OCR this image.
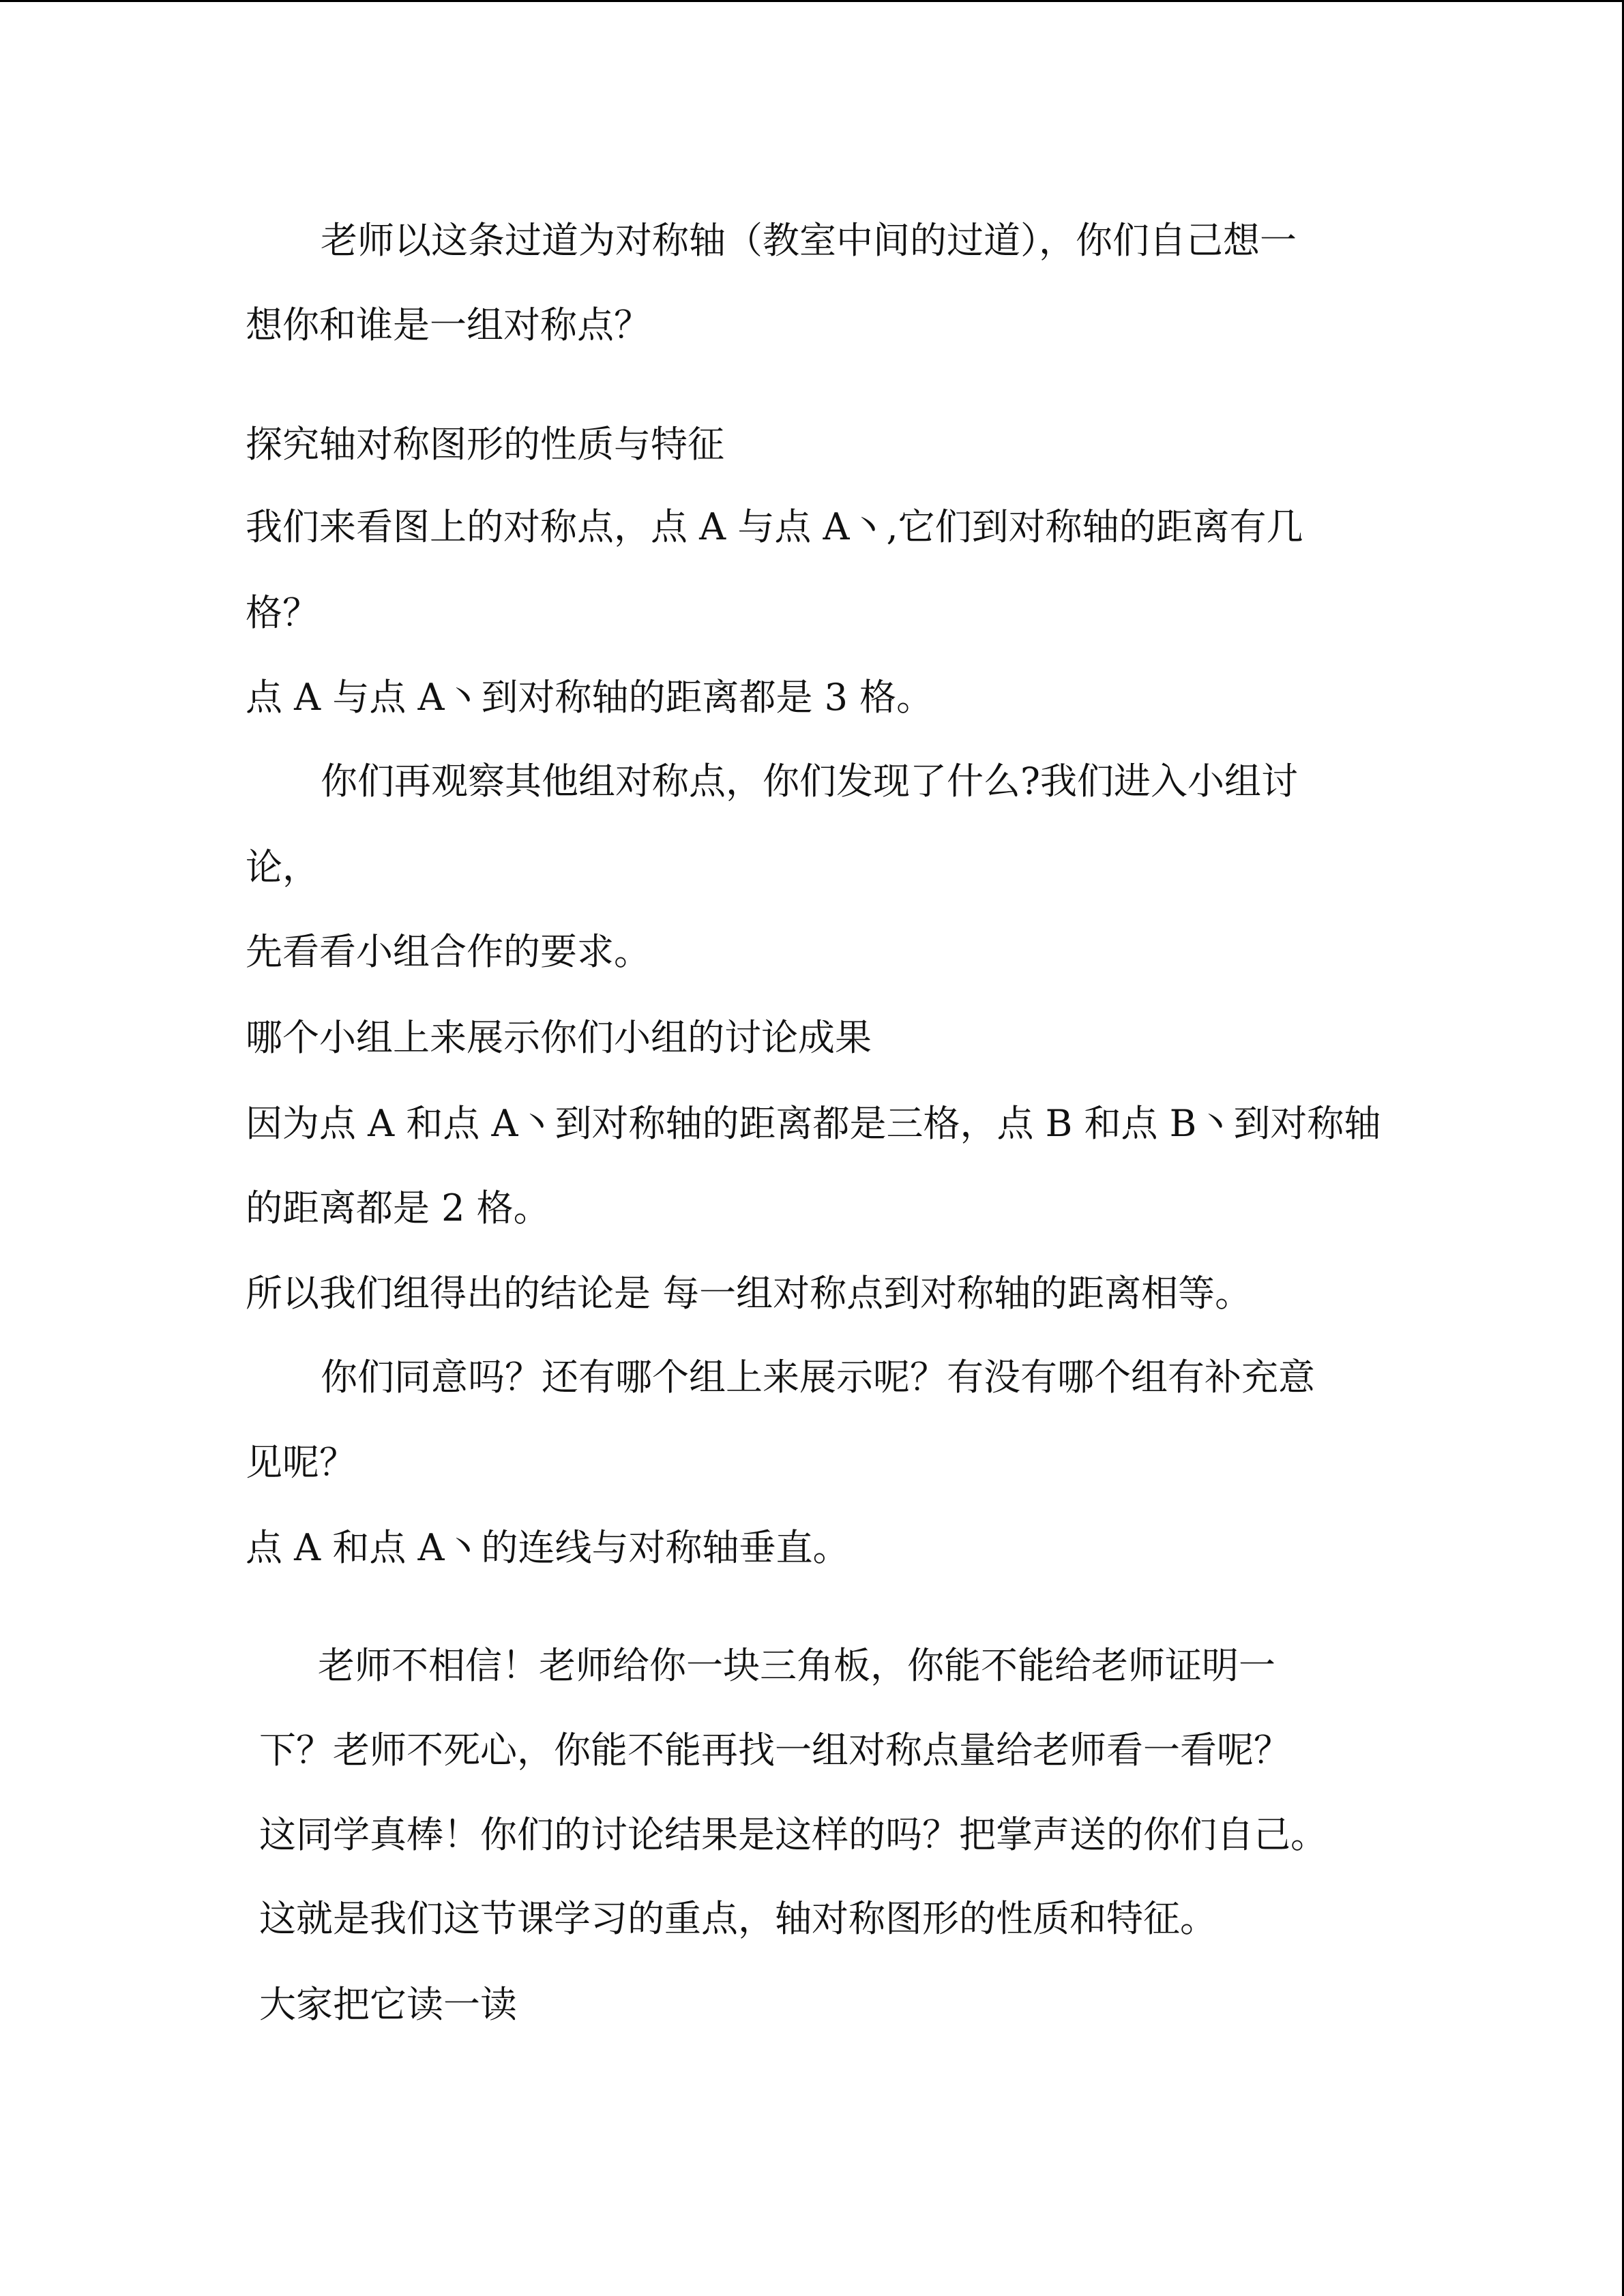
老师以这条过道为对称轴（教室中间的过道），你们自己想一
想你和谁是一组对称点？
探究轴对称图形的性质与特征
我们来看图上的对称点，点 A 与点 A丶,它们到对称轴的距离有几
格？
点 A 与点 A丶到对称轴的距离都是 3 格。
你们再观察其他组对称点，你们发现了什么?我们进入小组讨
论，
先看看小组合作的要求。
哪个小组上来展示你们小组的讨论成果
因为点 A 和点 A丶到对称轴的距离都是三格，点 B 和点 B丶到对称轴
的距离都是 2 格。
所以我们组得出的结论是 每一组对称点到对称轴的距离相等。
你们同意吗？还有哪个组上来展示呢？有没有哪个组有补充意
见呢？
点 A 和点 A丶的连线与对称轴垂直。
老师不相信！老师给你一块三角板，你能不能给老师证明一
下？老师不死心，你能不能再找一组对称点量给老师看一看呢？
这同学真棒！你们的讨论结果是这样的吗？把掌声送的你们自己。
这就是我们这节课学习的重点，轴对称图形的性质和特征。
大家把它读一读
